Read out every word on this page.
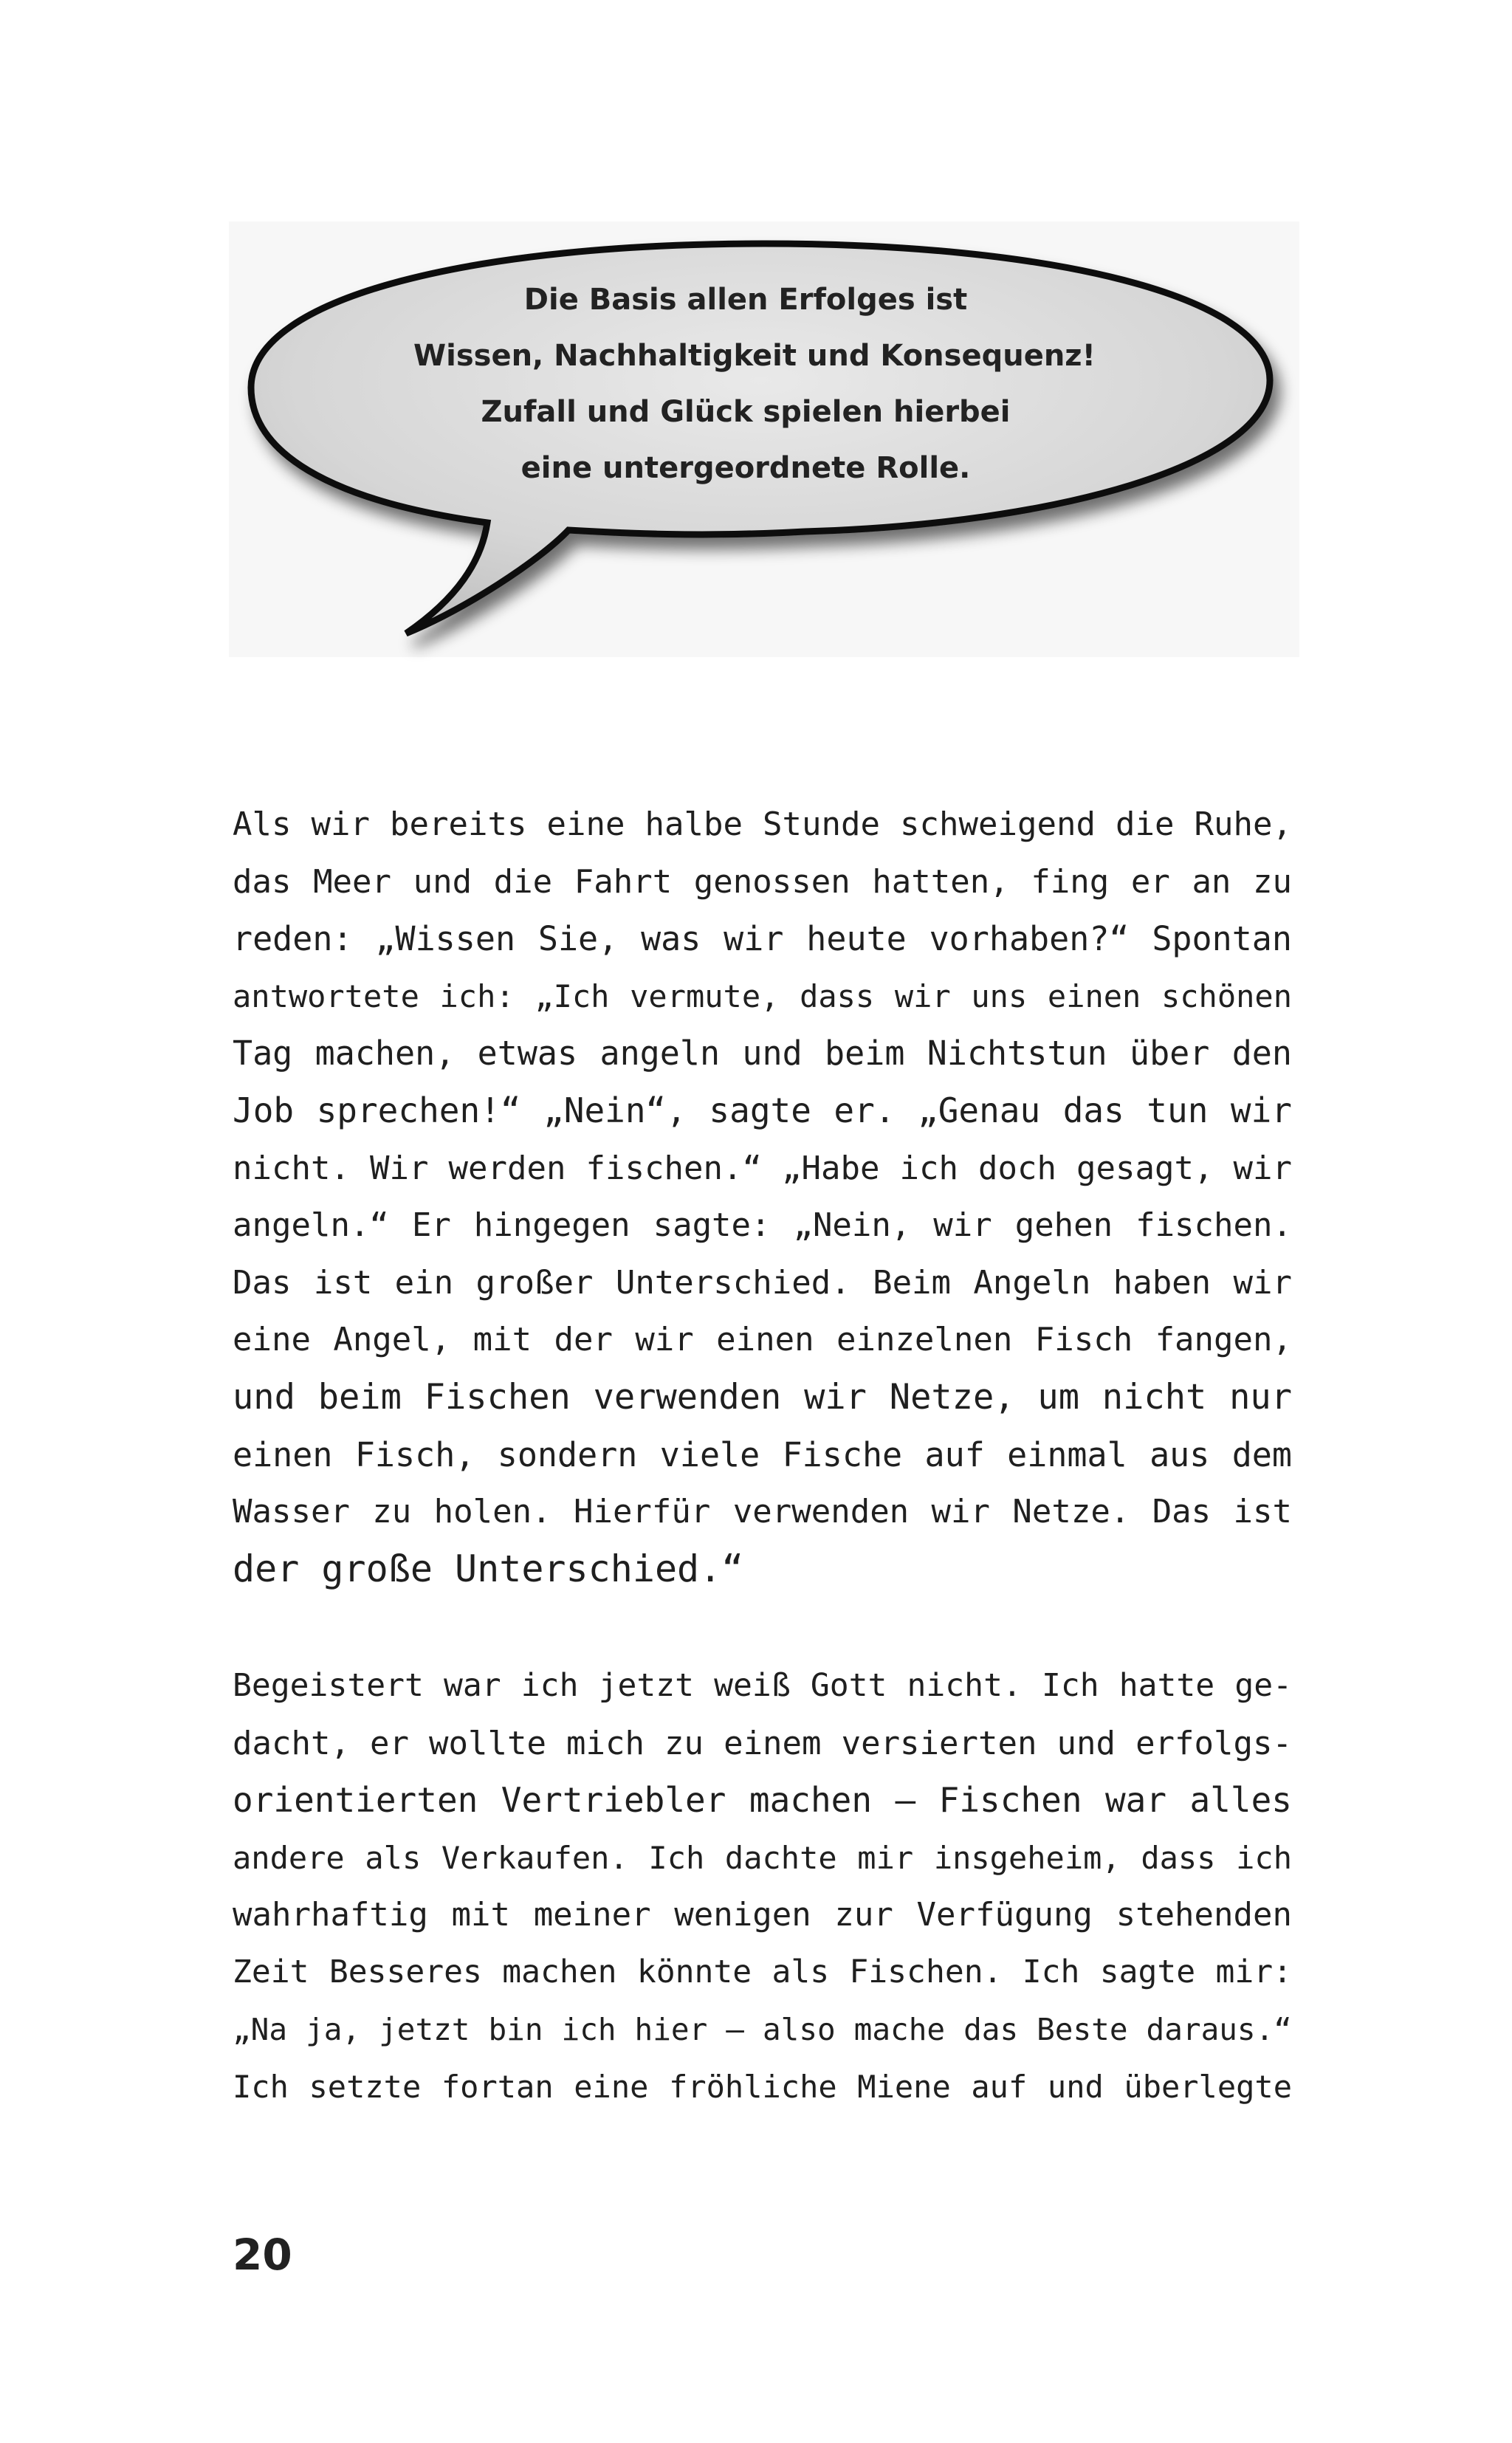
Die Basis allen Erfolges ist
Wissen, Nachhaltigkeit und Konsequenz!
Zufall und Glück spielen hierbei
eine untergeordnete Rolle.
Als wir bereits eine halbe Stunde schweigend die Ruhe,
das Meer und die Fahrt genossen hatten, fing er an zu
reden: „Wissen Sie, was wir heute vorhaben?“ Spontan
antwortete ich: „Ich vermute, dass wir uns einen schönen
Tag machen, etwas angeln und beim Nichtstun über den
Job sprechen!“ „Nein“, sagte er. „Genau das tun wir
nicht. Wir werden fischen.“ „Habe ich doch gesagt, wir
angeln.“ Er hingegen sagte: „Nein, wir gehen fischen.
Das ist ein großer Unterschied. Beim Angeln haben wir
eine Angel, mit der wir einen einzelnen Fisch fangen,
und beim Fischen verwenden wir Netze, um nicht nur
einen Fisch, sondern viele Fische auf einmal aus dem
Wasser zu holen. Hierfür verwenden wir Netze. Das ist
der große Unterschied.“
Begeistert war ich jetzt weiß Gott nicht. Ich hatte ge-
dacht, er wollte mich zu einem versierten und erfolgs-
orientierten Vertriebler machen – Fischen war alles
andere als Verkaufen. Ich dachte mir insgeheim, dass ich
wahrhaftig mit meiner wenigen zur Verfügung stehenden
Zeit Besseres machen könnte als Fischen. Ich sagte mir:
„Na ja, jetzt bin ich hier – also mache das Beste daraus.“
Ich setzte fortan eine fröhliche Miene auf und überlegte
20
